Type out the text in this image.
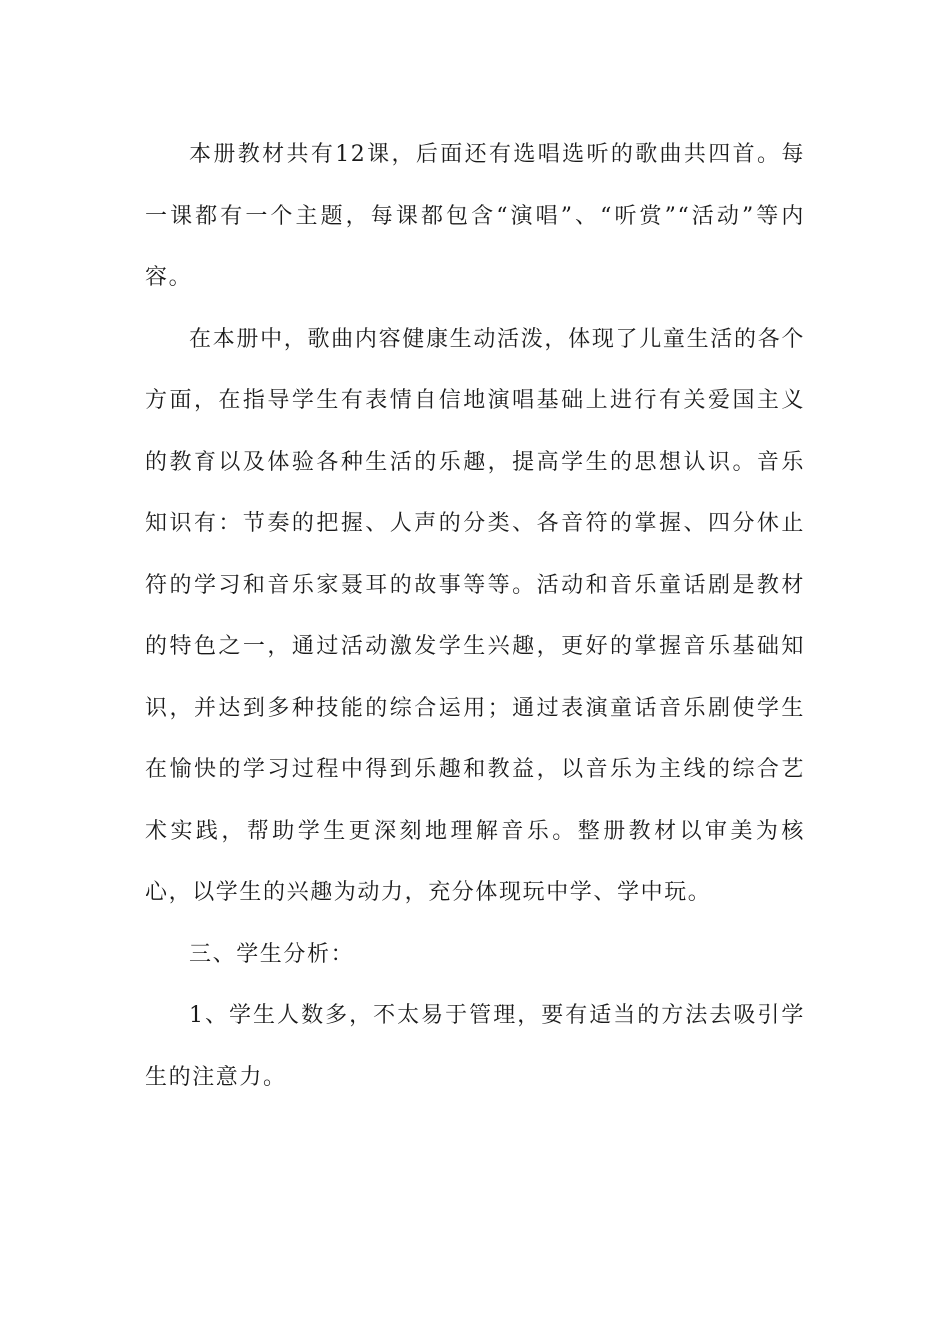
本册教材共有12课，后面还有选唱选听的歌曲共四首。每一课都有一个主题，每课都包含“演唱”、“听赏”“活动”等内容。

在本册中，歌曲内容健康生动活泼，体现了儿童生活的各个方面，在指导学生有表情自信地演唱基础上进行有关爱国主义的教育以及体验各种生活的乐趣，提高学生的思想认识。音乐知识有：节奏的把握、人声的分类、各音符的掌握、四分休止符的学习和音乐家聂耳的故事等等。活动和音乐童话剧是教材的特色之一，通过活动激发学生兴趣，更好的掌握音乐基础知识，并达到多种技能的综合运用；通过表演童话音乐剧使学生在愉快的学习过程中得到乐趣和教益，以音乐为主线的综合艺术实践，帮助学生更深刻地理解音乐。整册教材以审美为核心，以学生的兴趣为动力，充分体现玩中学、学中玩。

三、学生分析：

1、学生人数多，不太易于管理，要有适当的方法去吸引学生的注意力。
